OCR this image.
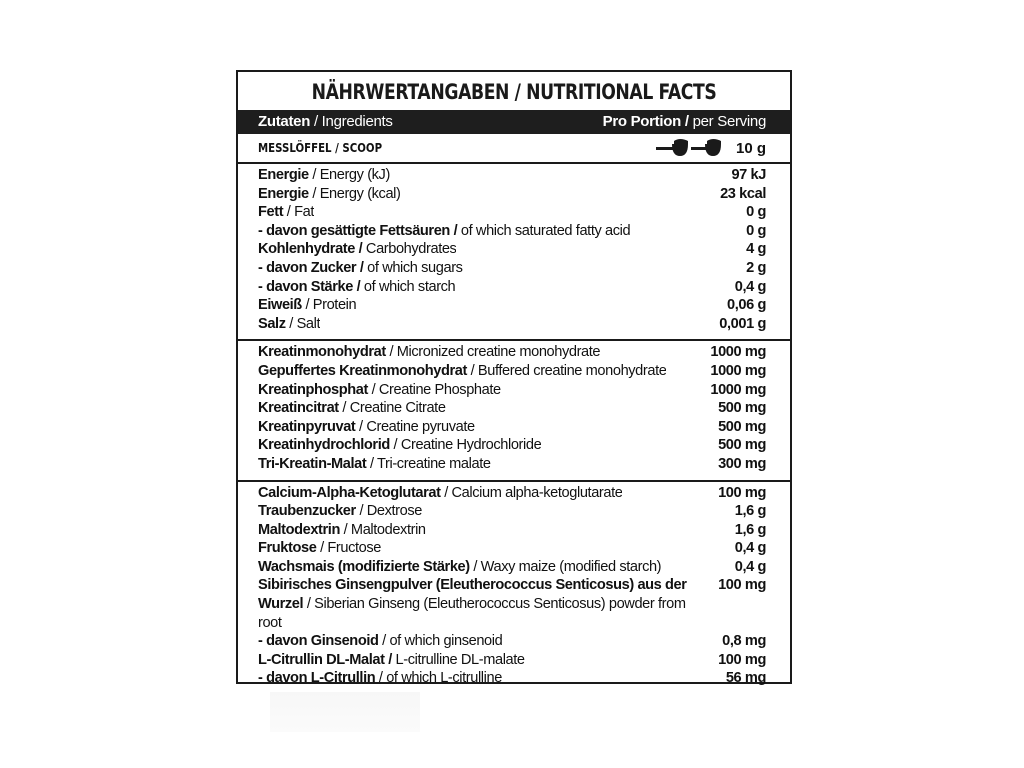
NÄHRWERTANGABEN / NUTRITIONAL FACTS
Zutaten / Ingredients	Pro Portion / per Serving
MESSLÖFFEL / SCOOP	10 g
Energie / Energy (kJ)	97 kJ
Energie / Energy (kcal)	23 kcal
Fett / Fat	0 g
- davon gesättigte Fettsäuren / of which saturated fatty acid	0 g
Kohlenhydrate / Carbohydrates	4 g
- davon Zucker / of which sugars	2 g
- davon Stärke / of which starch	0,4 g
Eiweiß / Protein	0,06 g
Salz / Salt	0,001 g
Kreatinmonohydrat / Micronized creatine monohydrate	1000 mg
Gepuffertes Kreatinmonohydrat / Buffered creatine monohydrate	1000 mg
Kreatinphosphat / Creatine Phosphate	1000 mg
Kreatincitrat / Creatine Citrate	500 mg
Kreatinpyruvat / Creatine pyruvate	500 mg
Kreatinhydrochlorid / Creatine Hydrochloride	500 mg
Tri-Kreatin-Malat / Tri-creatine malate	300 mg
Calcium-Alpha-Ketoglutarat / Calcium alpha-ketoglutarate	100 mg
Traubenzucker / Dextrose	1,6 g
Maltodextrin / Maltodextrin	1,6 g
Fruktose / Fructose	0,4 g
Wachsmais (modifizierte Stärke) / Waxy maize (modified starch)	0,4 g
Sibirisches Ginsengpulver (Eleutherococcus Senticosus) aus der Wurzel / Siberian Ginseng (Eleutherococcus Senticosus) powder from root
100 mg
- davon Ginsenoid / of which ginsenoid	0,8 mg
L-Citrullin DL-Malat / L-citrulline DL-malate	100 mg
- davon L-Citrullin / of which L-citrulline	56 mg
